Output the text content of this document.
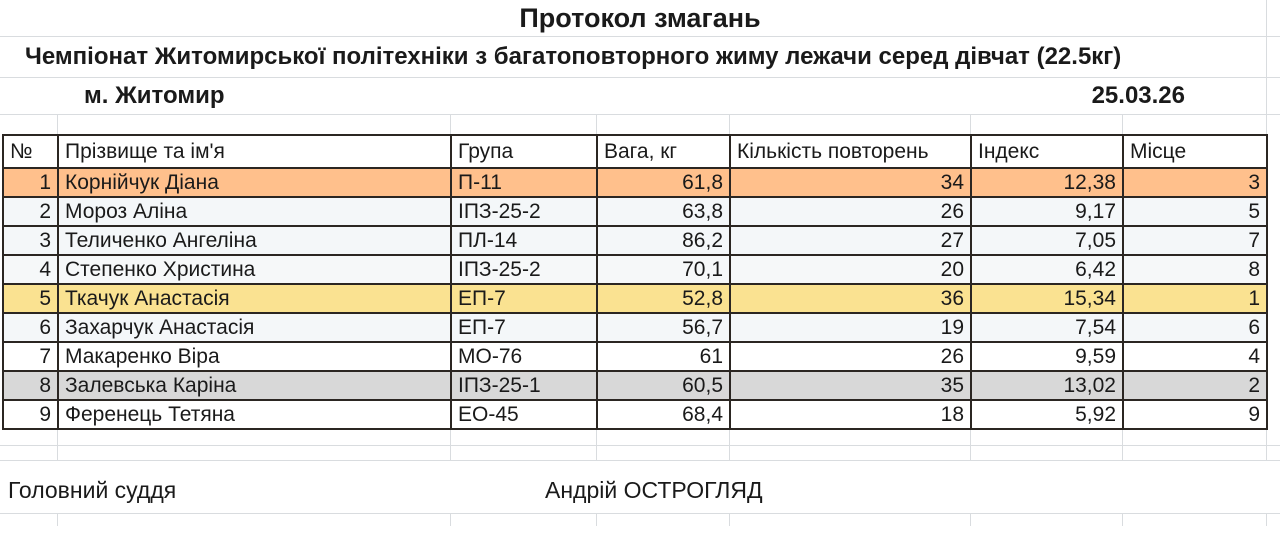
Протокол змагань
Чемпіонат Житомирської політехніки з багатоповторного жиму лежачи серед дівчат (22.5кг)
м. Житомир	25.03.26
№	Прізвище та ім'я	Група	Вага, кг	Кількість повторень	Індекс	Місце
1	Корнійчук Діана	П-11	61,8	34	12,38	3
2	Мороз Аліна	ІПЗ-25-2	63,8	26	9,17	5
3	Теличенко Ангеліна	ПЛ-14	86,2	27	7,05	7
4	Степенко Христина	ІПЗ-25-2	70,1	20	6,42	8
5	Ткачук Анастасія	ЕП-7	52,8	36	15,34	1
6	Захарчук Анастасія	ЕП-7	56,7	19	7,54	6
7	Макаренко Віра	МО-76	61	26	9,59	4
8	Залевська Каріна	ІПЗ-25-1	60,5	35	13,02	2
9	Ференець Тетяна	ЕО-45	68,4	18	5,92	9
Головний суддя	Андрій ОСТРОГЛЯД
